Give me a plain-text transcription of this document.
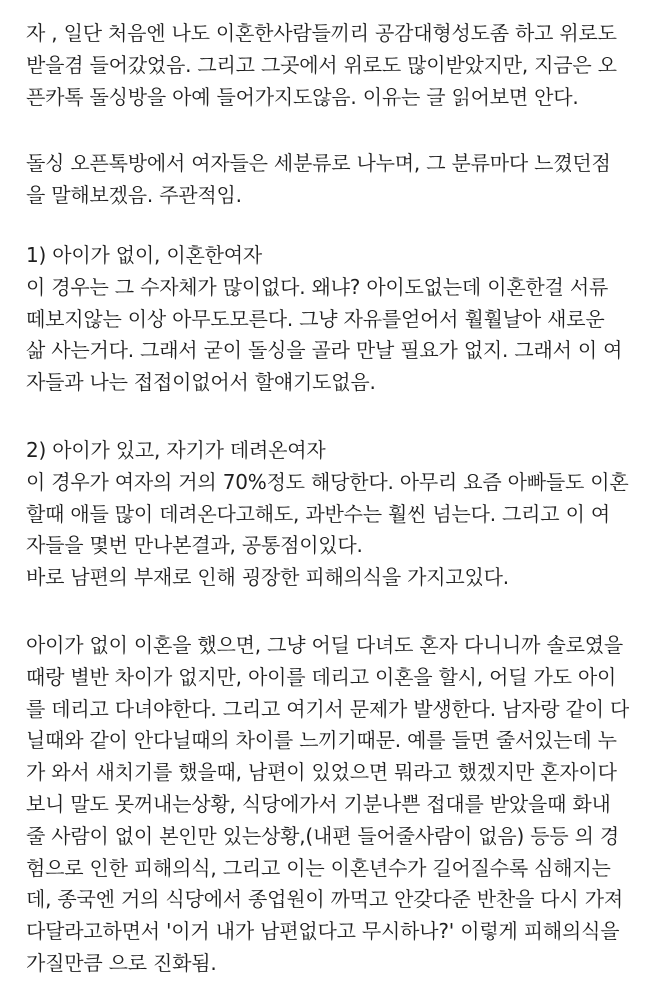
자 , 일단 처음엔 나도 이혼한사람들끼리 공감대형성도좀 하고 위로도
받을겸 들어갔었음. 그리고 그곳에서 위로도 많이받았지만, 지금은 오
픈카톡 돌싱방을 아예 들어가지도않음. 이유는 글 읽어보면 안다.
돌싱 오픈톡방에서 여자들은 세분류로 나누며, 그 분류마다 느꼈던점
을 말해보겠음. 주관적임.
1) 아이가 없이, 이혼한여자
이 경우는 그 수자체가 많이없다. 왜냐? 아이도없는데 이혼한걸 서류
떼보지않는 이상 아무도모른다. 그냥 자유를얻어서 훨훨날아 새로운
삶 사는거다. 그래서 굳이 돌싱을 골라 만날 필요가 없지. 그래서 이 여
자들과 나는 접접이없어서 할얘기도없음.
2) 아이가 있고, 자기가 데려온여자
이 경우가 여자의 거의 70%정도 해당한다. 아무리 요즘 아빠들도 이혼
할때 애들 많이 데려온다고해도, 과반수는 훨씬 넘는다. 그리고 이 여
자들을 몇번 만나본결과, 공통점이있다.
바로 남편의 부재로 인해 굉장한 피해의식을 가지고있다.
아이가 없이 이혼을 했으면, 그냥 어딜 다녀도 혼자 다니니까 솔로였을
때랑 별반 차이가 없지만, 아이를 데리고 이혼을 할시, 어딜 가도 아이
를 데리고 다녀야한다. 그리고 여기서 문제가 발생한다. 남자랑 같이 다
닐때와 같이 안다닐때의 차이를 느끼기때문. 예를 들면 줄서있는데 누
가 와서 새치기를 했을때, 남편이 있었으면 뭐라고 했겠지만 혼자이다
보니 말도 못꺼내는상황, 식당에가서 기분나쁜 접대를 받았을때 화내
줄 사람이 없이 본인만 있는상황,(내편 들어줄사람이 없음) 등등 의 경
험으로 인한 피해의식, 그리고 이는 이혼년수가 길어질수록 심해지는
데, 종국엔 거의 식당에서 종업원이 까먹고 안갖다준 반찬을 다시 가져
다달라고하면서 '이거 내가 남편없다고 무시하나?' 이렇게 피해의식을
가질만큼 으로 진화됨.
